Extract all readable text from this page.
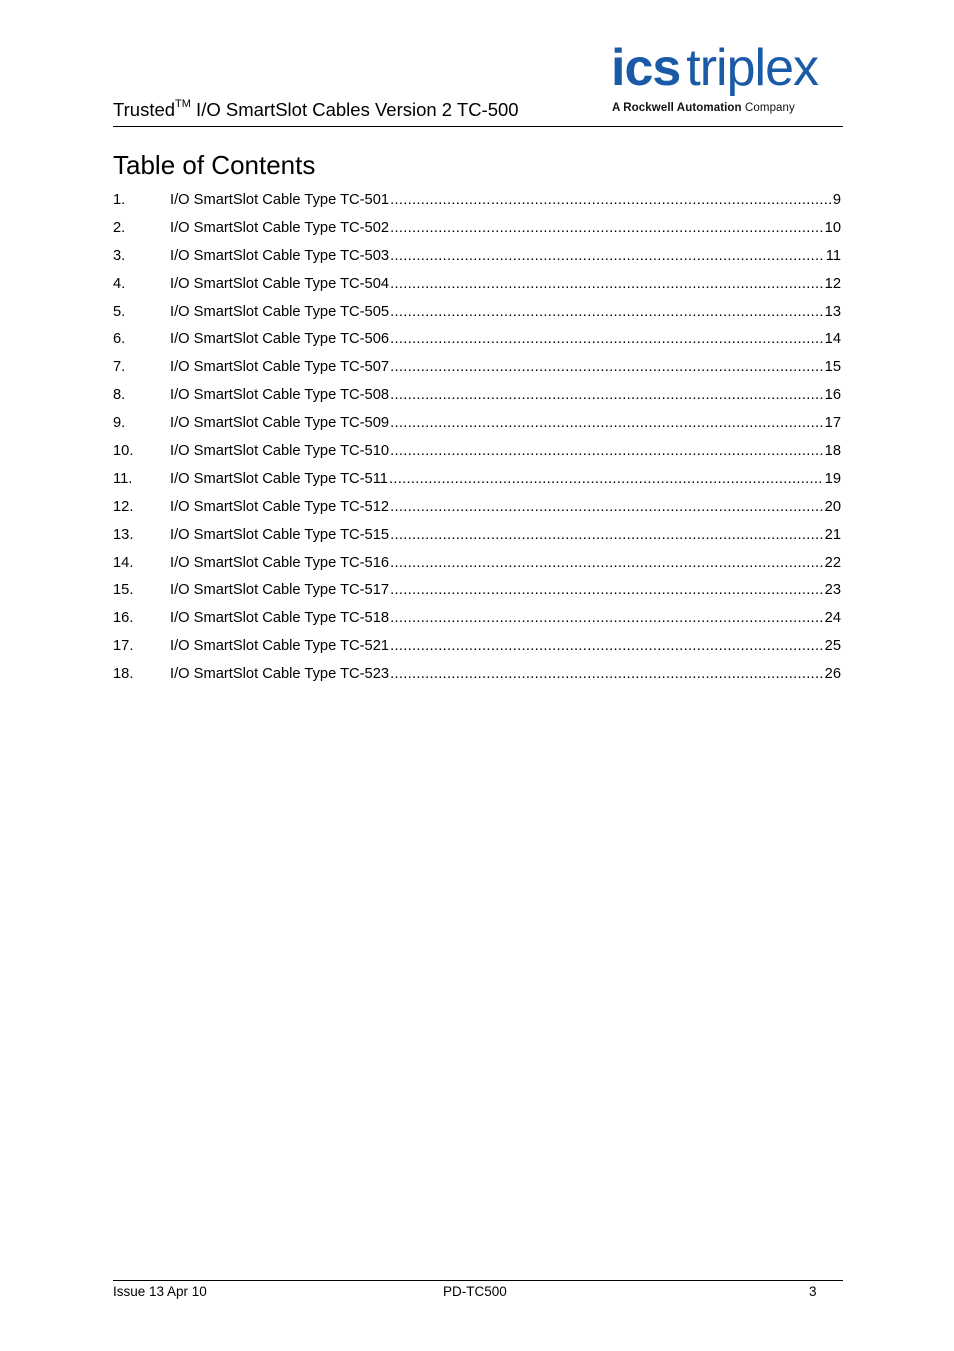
Trusted™ I/O SmartSlot Cables Version 2 TC-500
ics triplex
A Rockwell Automation Company
Table of Contents
1.	I/O SmartSlot Cable Type TC-501 .....	9
2.	I/O SmartSlot Cable Type TC-502 .....	10
3.	I/O SmartSlot Cable Type TC-503 .....	11
4.	I/O SmartSlot Cable Type TC-504 .....	12
5.	I/O SmartSlot Cable Type TC-505 .....	13
6.	I/O SmartSlot Cable Type TC-506 .....	14
7.	I/O SmartSlot Cable Type TC-507 .....	15
8.	I/O SmartSlot Cable Type TC-508 .....	16
9.	I/O SmartSlot Cable Type TC-509 .....	17
10. I/O SmartSlot Cable Type TC-510 .....	18
11.	I/O SmartSlot Cable Type TC-511 .....	19
12. I/O SmartSlot Cable Type TC-512 .....	20
13. I/O SmartSlot Cable Type TC-515 .....	21
14. I/O SmartSlot Cable Type TC-516 .....	22
15. I/O SmartSlot Cable Type TC-517 .....	23
16. I/O SmartSlot Cable Type TC-518 .....	24
17. I/O SmartSlot Cable Type TC-521 .....	25
18. I/O SmartSlot Cable Type TC-523 .....	26
Issue 13 Apr 10	PD-TC500	3
